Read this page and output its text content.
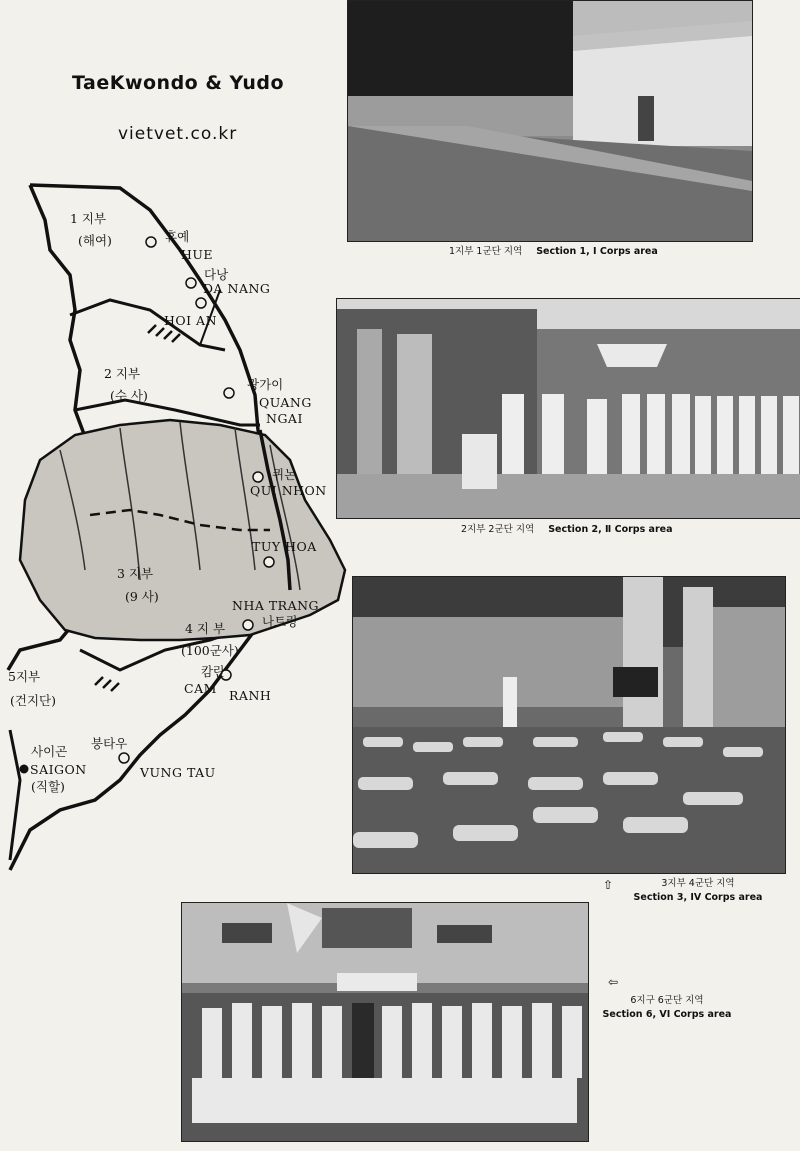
TaeKwondo & Yudo
vietvet.co.kr
1 지부
(해여)
2 지부
(수 사)
3 지부
(9 사)
4 지 부
(100군사)
5지부
(건지단)
휴예
HUE
다낭
DA NANG
HOI AN
광가이
QUANG
NGAI
퀴논
QUI NHON
TUY HOA
NHA TRANG
나트랑
캄란
CAM RANH
붕타우
VUNG TAU
사이곤
SAIGON
(직할)
1지부 1군단 지역 Section 1, Ⅰ Corps area
2지부 2군단 지역 Section 2, Ⅱ Corps area
⇧	3지부 4군단 지역
Section 3, IV Corps area
⇦
6지구 6군단 지역
Section 6, VI Corps area
